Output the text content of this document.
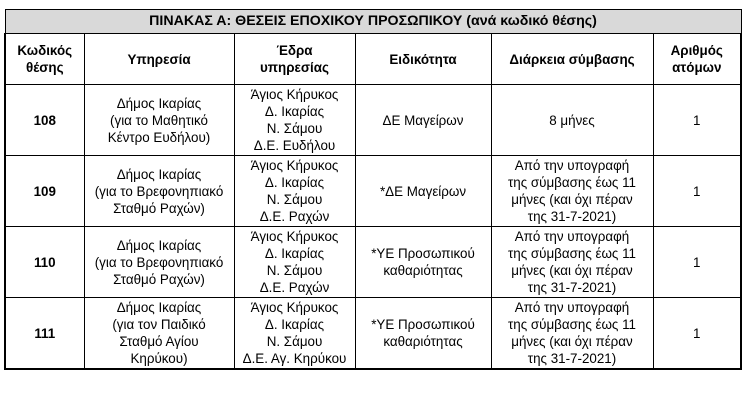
ΠΙΝΑΚΑΣ Α: ΘΕΣΕΙΣ ΕΠΟΧΙΚΟΥ ΠΡΟΣΩΠΙΚΟΥ (ανά κωδικό θέσης)					

Κωδικός
θέσης	Υπηρεσία	Έδρα
υπηρεσίας	Ειδικότητα	Διάρκεια σύμβασης	Αριθμός
ατόμων

108	Δήμος Ικαρίας
(για το Μαθητικό
Κέντρο Ευδήλου)	Άγιος Κήρυκος
Δ. Ικαρίας
Ν. Σάμου
Δ.Ε. Ευδήλου	ΔΕ Μαγείρων	8 μήνες	1
109	Δήμος Ικαρίας
(για το Βρεφονηπιακό
Σταθμό Ραχών)	Άγιος Κήρυκος
Δ. Ικαρίας
Ν. Σάμου
Δ.Ε. Ραχών	*ΔΕ Μαγείρων	Από την υπογραφή
της σύμβασης έως 11
μήνες (και όχι πέραν
της 31-7-2021)	1
110	Δήμος Ικαρίας
(για το Βρεφονηπιακό
Σταθμό Ραχών)	Άγιος Κήρυκος
Δ. Ικαρίας
Ν. Σάμου
Δ.Ε. Ραχών	*ΥΕ Προσωπικού
καθαριότητας	Από την υπογραφή
της σύμβασης έως 11
μήνες (και όχι πέραν
της 31-7-2021)	1
111	Δήμος Ικαρίας
(για τον Παιδικό
Σταθμό Αγίου
Κηρύκου)	Άγιος Κήρυκος
Δ. Ικαρίας
Ν. Σάμου
Δ.Ε. Αγ. Κηρύκου	*ΥΕ Προσωπικού
καθαριότητας	Από την υπογραφή
της σύμβασης έως 11
μήνες (και όχι πέραν
της 31-7-2021)	1
